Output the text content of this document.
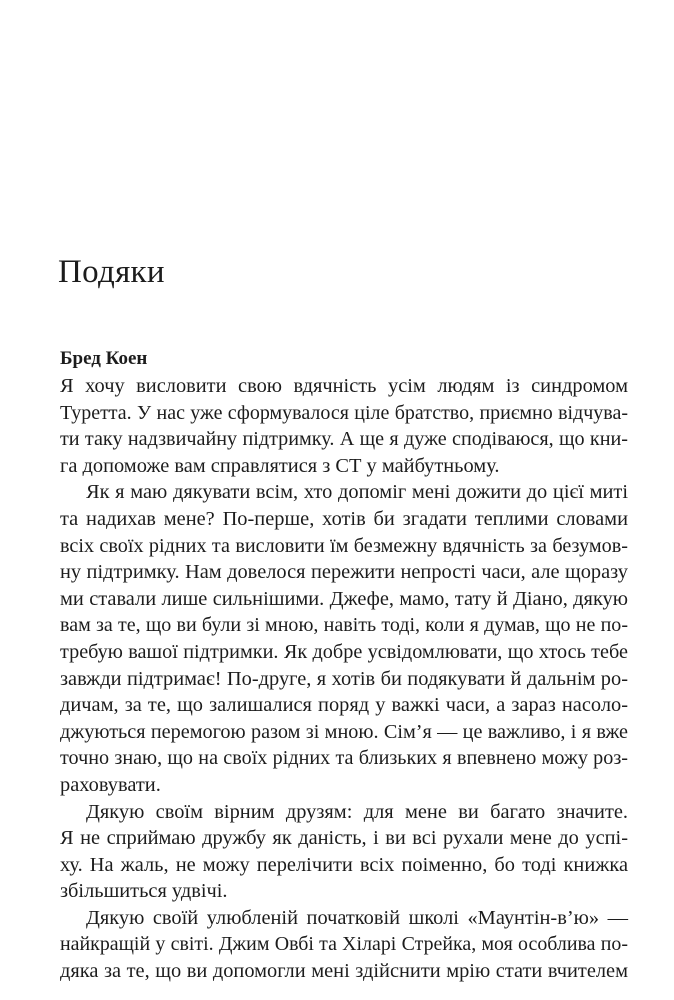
Подяки
Бред Коен
Я хочу висловити свою вдячність усім людям із синдромом
Туретта. У нас уже сформувалося ціле братство, приємно відчува-
ти таку надзвичайну підтримку. А ще я дуже сподіваюся, що кни-
га допоможе вам справлятися з СТ у майбутньому.
Як я маю дякувати всім, хто допоміг мені дожити до цієї миті
та надихав мене? По-перше, хотів би згадати теплими словами
всіх своїх рідних та висловити їм безмежну вдячність за безумов-
ну підтримку. Нам довелося пережити непрості часи, але щоразу
ми ставали лише сильнішими. Джефе, мамо, тату й Діано, дякую
вам за те, що ви були зі мною, навіть тоді, коли я думав, що не по-
требую вашої підтримки. Як добре усвідомлювати, що хтось тебе
завжди підтримає! По-друге, я хотів би подякувати й дальнім ро-
дичам, за те, що залишалися поряд у важкі часи, а зараз насоло-
джуються перемогою разом зі мною. Сім’я — це важливо, і я вже
точно знаю, що на своїх рідних та близьких я впевнено можу роз-
раховувати.
Дякую своїм вірним друзям: для мене ви багато значите.
Я не сприймаю дружбу як даність, і ви всі рухали мене до успі-
ху. На жаль, не можу перелічити всіх поіменно, бо тоді книжка
збільшиться удвічі.
Дякую своїй улюбленій початковій школі «Маунтін-в’ю» —
найкращій у світі. Джим Овбі та Хіларі Стрейка, моя особлива по-
дяка за те, що ви допомогли мені здійснити мрію стати вчителем
